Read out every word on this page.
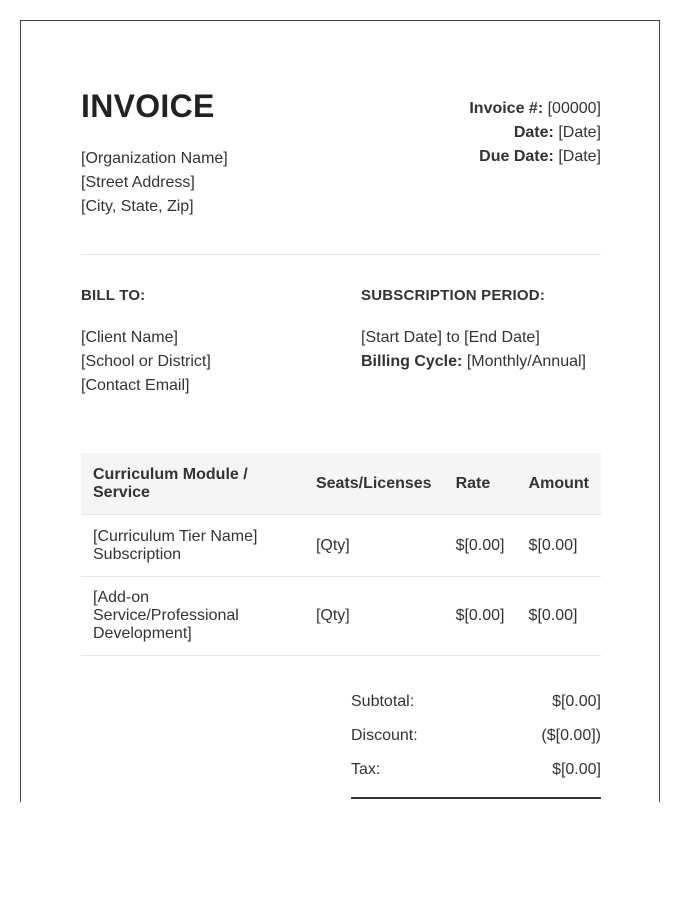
INVOICE
[Organization Name]
[Street Address]
[City, State, Zip]
Invoice #: [00000]
Date: [Date]
Due Date: [Date]
BILL TO:
[Client Name]
[School or District]
[Contact Email]
SUBSCRIPTION PERIOD:
[Start Date] to [End Date]
Billing Cycle: [Monthly/Annual]
Curriculum Module / Service	Seats/Licenses	Rate	Amount
[Curriculum Tier Name] Subscription	[Qty]	$[0.00]	$[0.00]
[Add-on Service/Professional Development]	[Qty]	$[0.00]	$[0.00]
Subtotal:	$[0.00]
Discount:	($[0.00])
Tax:	$[0.00]
